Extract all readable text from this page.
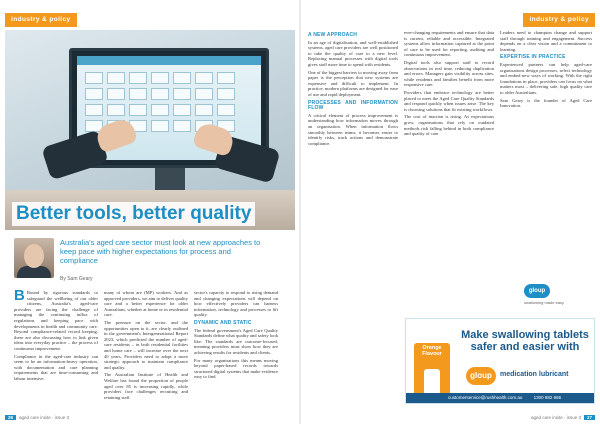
industry & policy
Better tools, better quality
Australia's aged care sector must look at new approaches to keep pace with higher expectations for process and compliance
By Sam Geary

B Bound by rigorous standards to safeguard the wellbeing of our older citizens, Australia's aged-care providers are facing the challenge of managing the continuing influx of regulations and keeping pace with developments in health and community care. Beyond compliance-related record keeping, these are also discussing how to link given ideas into everyday practice – the process of continuous improvement.

Compliance in the aged-care industry can seem to be an information-heavy operation, with documentation and care planning requirements that are time-consuming and labour intensive.

many of whom are (MP) workers. And as approved providers, we aim to deliver quality care and a better experience for older Australians, whether at home or in residential care.

The pressure on the sector, and the opportunities open to it, are clearly outlined in the government's Intergenerational Report 2023, which predicted the number of aged-care residents – in both residential facilities and home care – will increase over the next 40 years. Providers need to adopt a more strategic approach to maintain compliance and quality.

The Australian Institute of Health and Welfare has found the proportion of people aged over 85 is increasing rapidly, while providers face challenges recruiting and retaining staff.

sector's capacity to respond to rising demand and changing expectations will depend on how effectively providers can harness information, technology and processes to lift quality.

DYNAMIC AND STATIC

The federal government's Aged Care Quality Standards define what quality and safety look like. The standards are outcome-focused, meaning providers must show how they are achieving results for residents and clients.

For many organisations this means moving beyond paper-based records towards structured digital systems that make evidence easy to find.

26 aged care insite · issue 3
industry & policy
A NEW APPROACH

In an age of digitalisation, and well-established systems, aged care providers are well positioned to take the quality of care to a new level. Replacing manual processes with digital tools gives staff more time to spend with residents.

One of the biggest barriers to moving away from paper is the perception that new systems are expensive and difficult to implement. In practice, modern platforms are designed for ease of use and rapid deployment.

PROCESSES AND INFORMATION FLOW

A critical element of process improvement is understanding how information moves through an organisation. When information flows smoothly between teams, it becomes easier to identify risks, track actions and demonstrate compliance.

ever-changing requirements and ensure that data is current, reliable and accessible. Integrated systems allow information captured at the point of care to be used for reporting, auditing and continuous improvement.

Digital tools also support staff to record observations in real time, reducing duplication and errors. Managers gain visibility across sites, while residents and families benefit from more responsive care.

Providers that embrace technology are better placed to meet the Aged Care Quality Standards and respond quickly when issues arise. The key is choosing solutions that fit existing workflows.

The cost of inaction is rising. As expectations grow, organisations that rely on outdated methods risk falling behind in both compliance and quality of care.

Leaders need to champion change and support staff through training and engagement. Success depends on a clear vision and a commitment to learning.

EXPERTISE IN PRACTICE

Experienced partners can help aged-care organisations design processes, select technology and embed new ways of working. With the right foundations in place, providers can focus on what matters most – delivering safe, high quality care to older Australians.

Sam Geary is the founder of Aged Care Innovation.

gloup
swallowing made easy
Orange Flavour
Make swallowing tablets safer and easier with
gloup	medication lubricant
customerservice@rushhealth.com.au	1300 882 666 www.gloup.com.au
aged care insite · issue 3 27
